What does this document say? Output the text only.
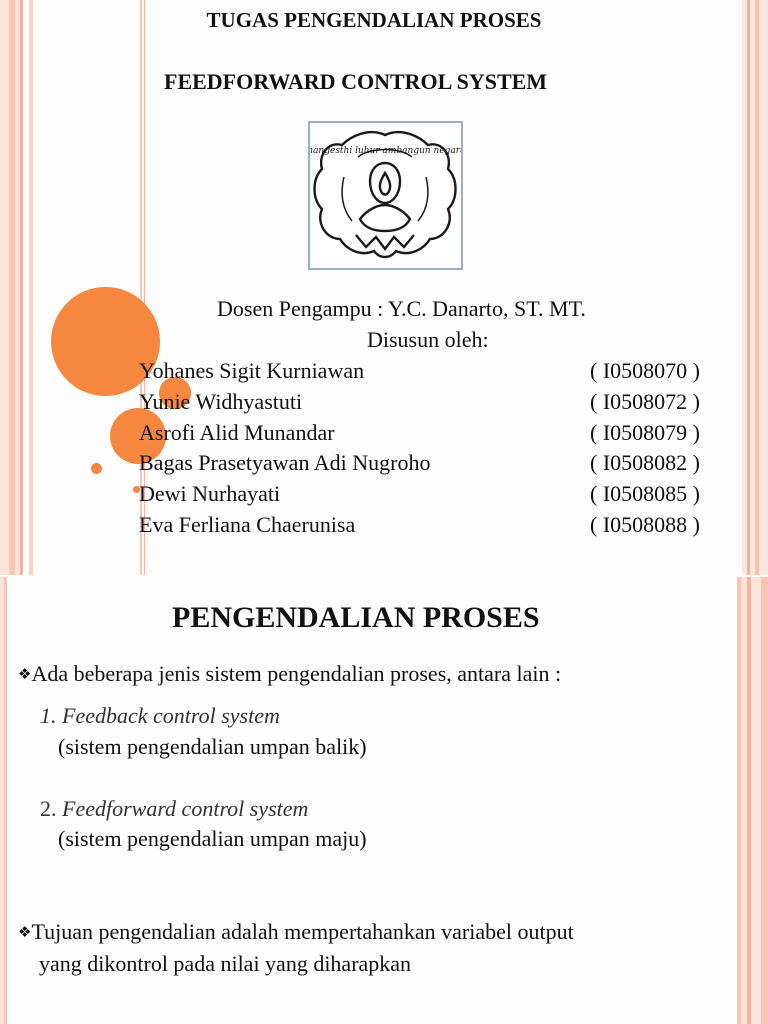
TUGAS PENGENDALIAN PROSES
FEEDFORWARD CONTROL SYSTEM
mangesthi luhur ambangun negara
Dosen Pengampu : Y.C. Danarto, ST. MT.
Disusun oleh:
Yohanes Sigit Kurniawan	( I0508070 )
Yunie Widhyastuti	( I0508072 )
Asrofi Alid Munandar	( I0508079 )
Bagas Prasetyawan Adi Nugroho	( I0508082 )
Dewi Nurhayati	( I0508085 )
Eva Ferliana Chaerunisa	( I0508088 )
PENGENDALIAN PROSES
❖Ada beberapa jenis sistem pengendalian proses, antara lain :
1. Feedback control system
(sistem pengendalian umpan balik)
2. Feedforward control system
(sistem pengendalian umpan maju)
❖Tujuan pengendalian adalah mempertahankan variabel output
yang dikontrol pada nilai yang diharapkan
